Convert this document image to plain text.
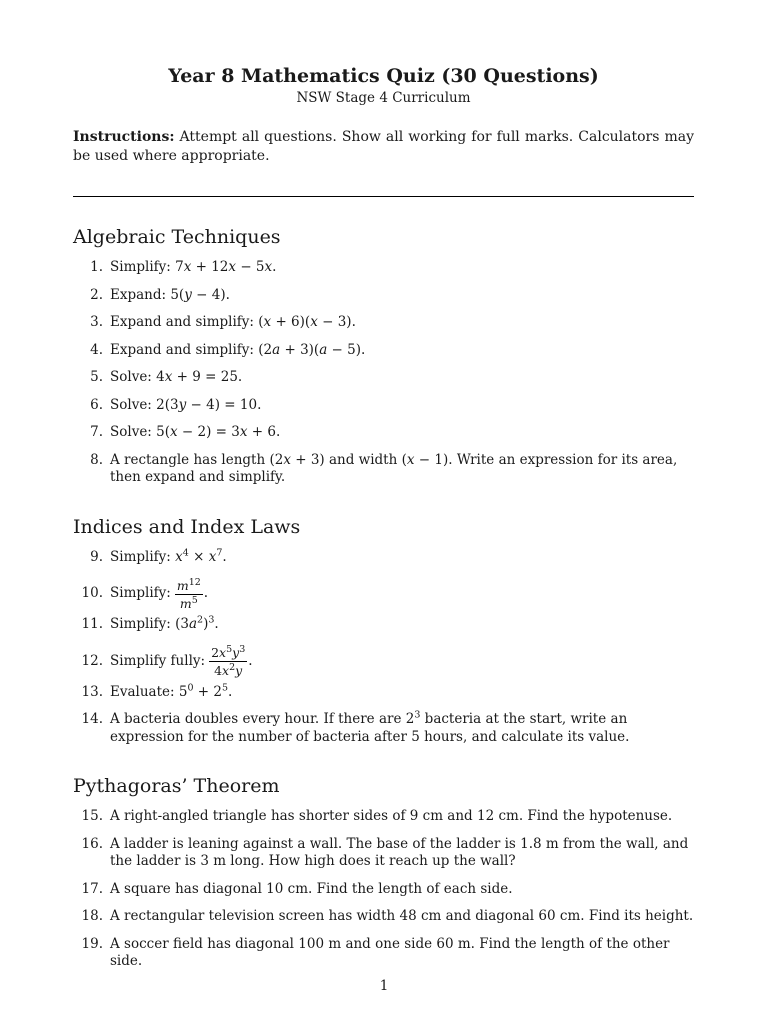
Year 8 Mathematics Quiz (30 Questions)
NSW Stage 4 Curriculum

Instructions: Attempt all questions. Show all working for full marks. Calculators may be used where appropriate.

Algebraic Techniques
1. Simplify: 7x + 12x − 5x.
2. Expand: 5(y − 4).
3. Expand and simplify: (x + 6)(x − 3).
4. Expand and simplify: (2a + 3)(a − 5).
5. Solve: 4x + 9 = 25.
6. Solve: 2(3y − 4) = 10.
7. Solve: 5(x − 2) = 3x + 6.
8. A rectangle has length (2x + 3) and width (x − 1). Write an expression for its area, then expand and simplify.
Indices and Index Laws
9. Simplify: $x^4 \times x^7$.
10. Simplify: $\frac{m^{12}}{m^5}$ .
11. Simplify: $(3a^2)^3$.
12. Simplify fully: $\frac{2x^5y^3}{4x^2y}$ .
13. Evaluate: $5^0 + 2^5$.
14. A bacteria doubles every hour. If there are $2^3$ bacteria at the start, write an expression for the number of bacteria after 5 hours, and calculate its value.
Pythagoras’ Theorem
15. A right-angled triangle has shorter sides of 9 cm and 12 cm. Find the hypotenuse.
16. A ladder is leaning against a wall. The base of the ladder is 1.8 m from the wall, and the ladder is 3 m long. How high does it reach up the wall?
17. A square has diagonal 10 cm. Find the length of each side.
18. A rectangular television screen has width 48 cm and diagonal 60 cm. Find its height.
19. A soccer field has diagonal 100 m and one side 60 m. Find the length of the other side.
1
